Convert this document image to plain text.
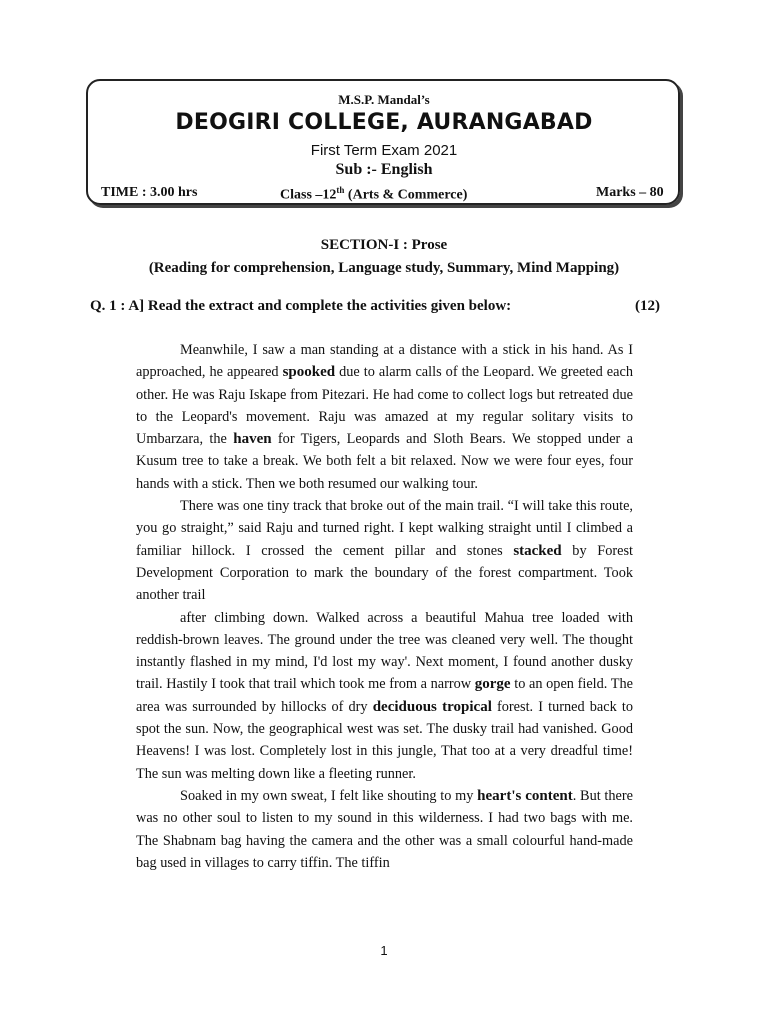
M.S.P. Mandal’s
DEOGIRI COLLEGE, AURANGABAD
First Term Exam 2021
Sub :- English
TIME : 3.00 hrs	Class –12th (Arts & Commerce)	Marks – 80
SECTION-I : Prose
(Reading for comprehension, Language study, Summary, Mind Mapping)
Q. 1 : A] Read the extract and complete the activities given below:	(12)

Meanwhile, I saw a man standing at a distance with a stick in his hand. As I approached, he appeared spooked due to alarm calls of the Leopard. We greeted each other. He was Raju Iskape from Pitezari. He had come to collect logs but retreated due to the Leopard's movement. Raju was amazed at my regular solitary visits to Umbarzara, the haven for Tigers, Leopards and Sloth Bears. We stopped under a Kusum tree to take a break. We both felt a bit relaxed. Now we were four eyes, four hands with a stick. Then we both resumed our walking tour.

There was one tiny track that broke out of the main trail. “I will take this route, you go straight,” said Raju and turned right. I kept walking straight until I climbed a familiar hillock. I crossed the cement pillar and stones stacked by Forest Development Corporation to mark the boundary of the forest compartment. Took another trail

after climbing down. Walked across a beautiful Mahua tree loaded with reddish-brown leaves. The ground under the tree was cleaned very well. The thought instantly flashed in my mind, I'd lost my way'. Next moment, I found another dusky trail. Hastily I took that trail which took me from a narrow gorge to an open field. The area was surrounded by hillocks of dry deciduous tropical forest. I turned back to spot the sun. Now, the geographical west was set. The dusky trail had vanished. Good Heavens! I was lost. Completely lost in this jungle, That too at a very dreadful time! The sun was melting down like a fleeting runner.

Soaked in my own sweat, I felt like shouting to my heart's content. But there was no other soul to listen to my sound in this wilderness. I had two bags with me. The Shabnam bag having the camera and the other was a small colourful hand-made bag used in villages to carry tiffin. The tiffin

1
